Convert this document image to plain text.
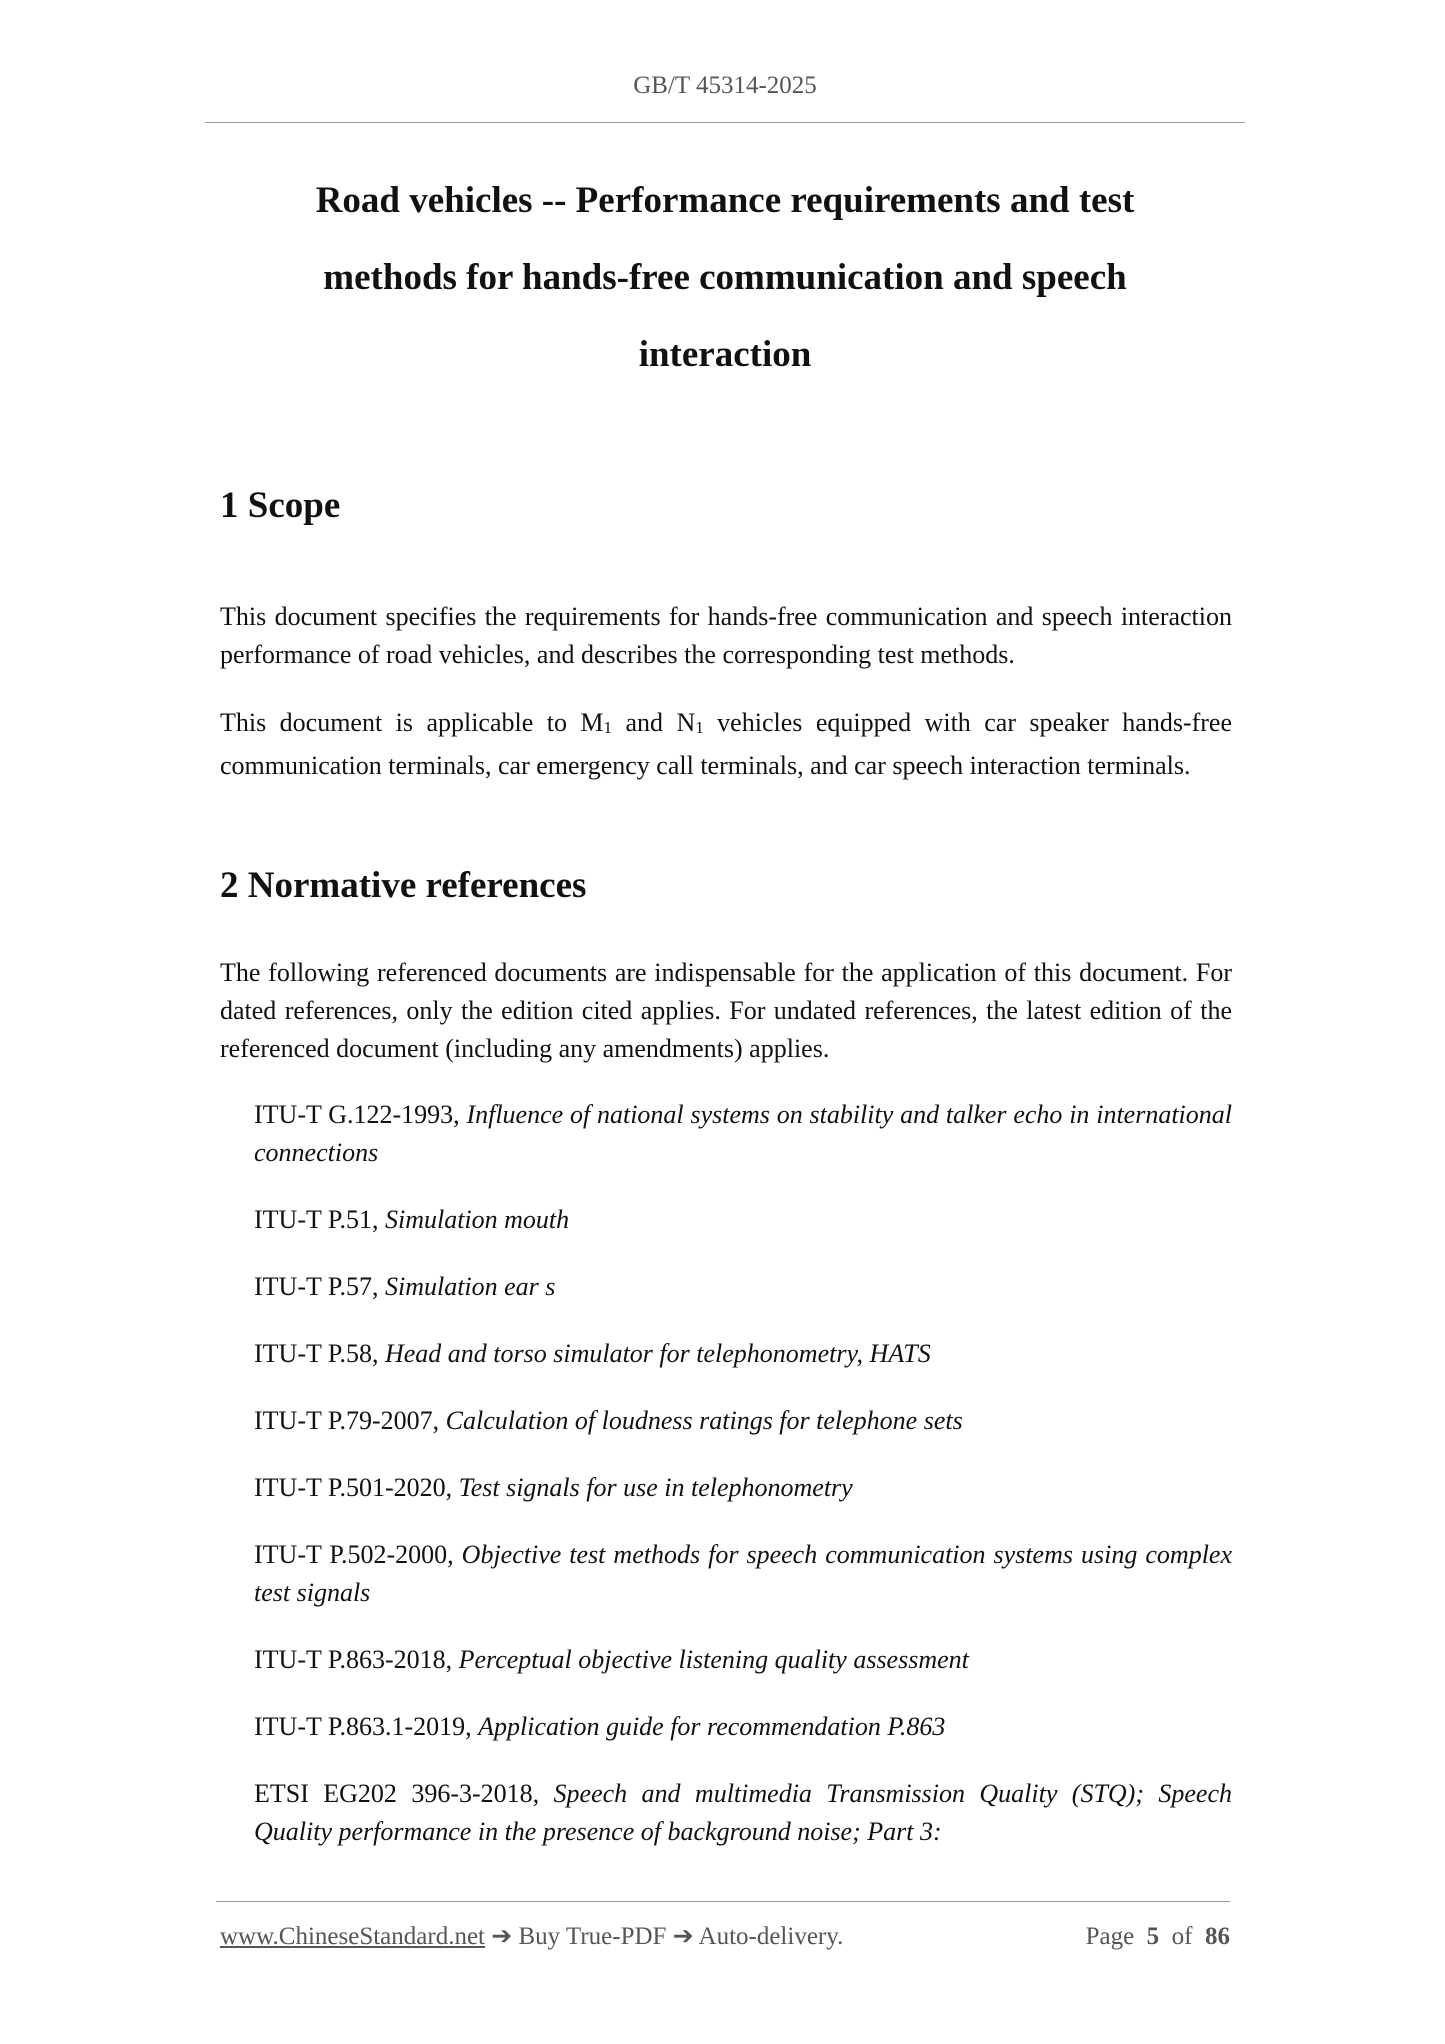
GB/T 45314-2025
Road vehicles -- Performance requirements and test
methods for hands-free communication and speech
interaction
1 Scope

This document specifies the requirements for hands-free communication and speech interaction performance of road vehicles, and describes the corresponding test methods.

This document is applicable to M1 and N1 vehicles equipped with car speaker hands-free communication terminals, car emergency call terminals, and car speech interaction terminals.

2 Normative references

The following referenced documents are indispensable for the application of this document. For dated references, only the edition cited applies. For undated references, the latest edition of the referenced document (including any amendments) applies.

ITU-T G.122-1993, Influence of national systems on stability and talker echo in international connections

ITU-T P.51, Simulation mouth

ITU-T P.57, Simulation ear s

ITU-T P.58, Head and torso simulator for telephonometry, HATS

ITU-T P.79-2007, Calculation of loudness ratings for telephone sets

ITU-T P.501-2020, Test signals for use in telephonometry

ITU-T P.502-2000, Objective test methods for speech communication systems using complex test signals

ITU-T P.863-2018, Perceptual objective listening quality assessment

ITU-T P.863.1-2019, Application guide for recommendation P.863

ETSI EG202 396-3-2018, Speech and multimedia Transmission Quality (STQ); Speech Quality performance in the presence of background noise; Part 3:

www.ChineseStandard.net ➔ Buy True-PDF ➔ Auto-delivery.	Page 5 of 86
